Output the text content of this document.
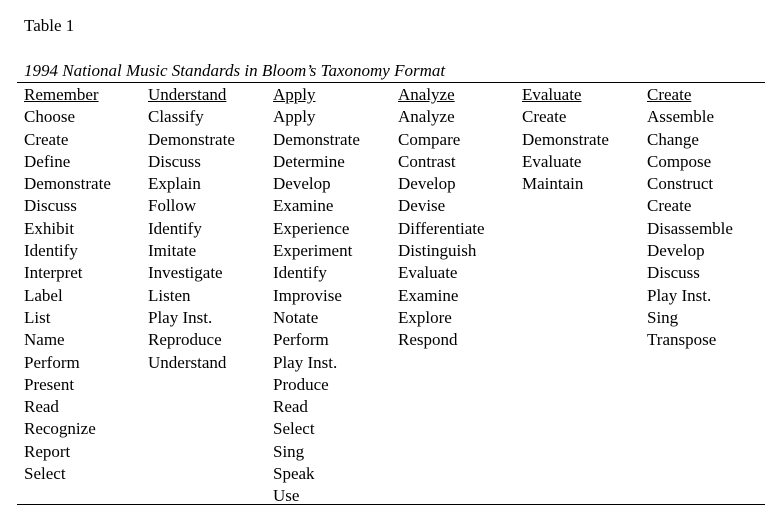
Table 1
1994 National Music Standards in Bloom’s Taxonomy Format
Remember
Choose
Create
Define
Demonstrate
Discuss
Exhibit
Identify
Interpret
Label
List
Name
Perform
Present
Read
Recognize
Report
Select
Understand
Classify
Demonstrate
Discuss
Explain
Follow
Identify
Imitate
Investigate
Listen
Play Inst.
Reproduce
Understand
Apply
Apply
Demonstrate
Determine
Develop
Examine
Experience
Experiment
Identify
Improvise
Notate
Perform
Play Inst.
Produce
Read
Select
Sing
Speak
Use
Analyze
Analyze
Compare
Contrast
Develop
Devise
Differentiate
Distinguish
Evaluate
Examine
Explore
Respond
Evaluate
Create
Demonstrate
Evaluate
Maintain
Create
Assemble
Change
Compose
Construct
Create
Disassemble
Develop
Discuss
Play Inst.
Sing
Transpose
